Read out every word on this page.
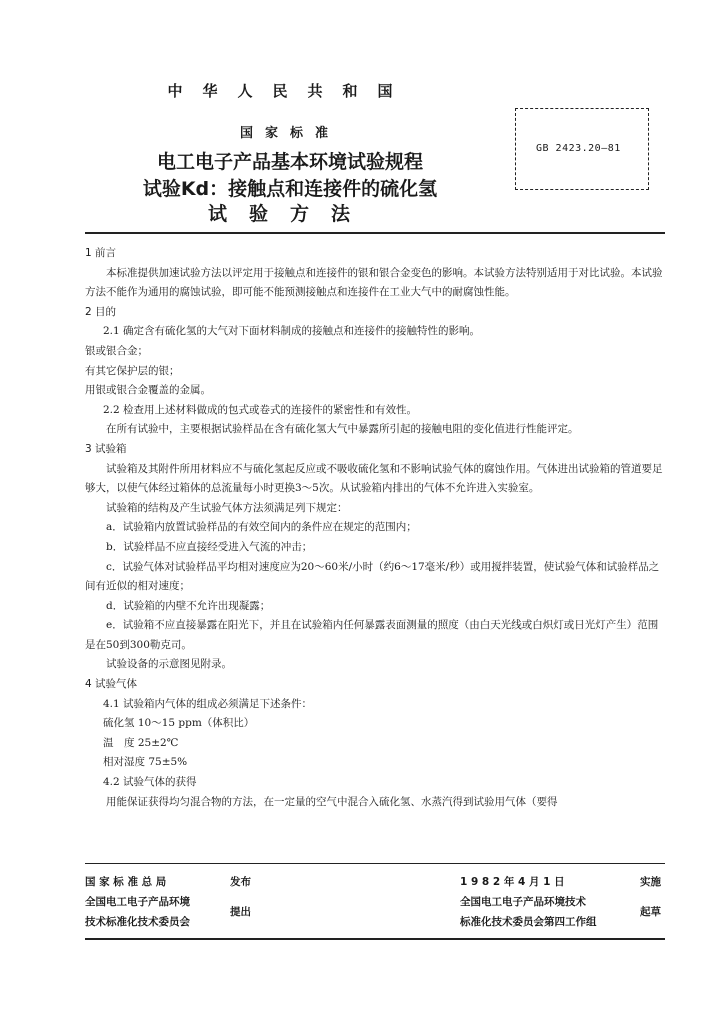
中华人民共和国
国家标准
电工电子产品基本环境试验规程
试验Kd：接触点和连接件的硫化氢
试验方法
GB 2423.20—81

1 前言

本标准提供加速试验方法以评定用于接触点和连接件的银和银合金变色的影响。本试验方法特别适用于对比试验。本试验方法不能作为通用的腐蚀试验，即可能不能预测接触点和连接件在工业大气中的耐腐蚀性能。

2 目的

2.1 确定含有硫化氢的大气对下面材料制成的接触点和连接件的接触特性的影响。

银或银合金；

有其它保护层的银；

用银或银合金覆盖的金属。

2.2 检查用上述材料做成的包式或卷式的连接件的紧密性和有效性。

在所有试验中，主要根据试验样品在含有硫化氢大气中暴露所引起的接触电阻的变化值进行性能评定。

3 试验箱

试验箱及其附件所用材料应不与硫化氢起反应或不吸收硫化氢和不影响试验气体的腐蚀作用。气体进出试验箱的管道要足够大，以使气体经过箱体的总流量每小时更换3～5次。从试验箱内排出的气体不允许进入实验室。

试验箱的结构及产生试验气体方法须满足列下规定：

a．试验箱内放置试验样品的有效空间内的条件应在规定的范围内；

b．试验样品不应直接经受进入气流的冲击；

c．试验气体对试验样品平均相对速度应为20～60米/小时（约6～17毫米/秒）或用搅拌装置，使试验气体和试验样品之间有近似的相对速度；

d．试验箱的内壁不允许出现凝露；

e．试验箱不应直接暴露在阳光下，并且在试验箱内任何暴露表面测量的照度（由白天光线或白炽灯或日光灯产生）范围是在50到300勒克司。

试验设备的示意图见附录。

4 试验气体

4.1 试验箱内气体的组成必须满足下述条件：

硫化氢 10～15 ppm（体积比）

温　度 25±2℃

相对湿度 75±5%

4.2 试验气体的获得

用能保证获得均匀混合物的方法，在一定量的空气中混合入硫化氢、水蒸汽得到试验用气体（要得

国 家 标 准 总 局
全国电工电子产品环境
技术标准化技术委员会
发布
提出
1 9 8 2 年 4 月 1 日
全国电工电子产品环境技术
标准化技术委员会第四工作组
实施
起草
